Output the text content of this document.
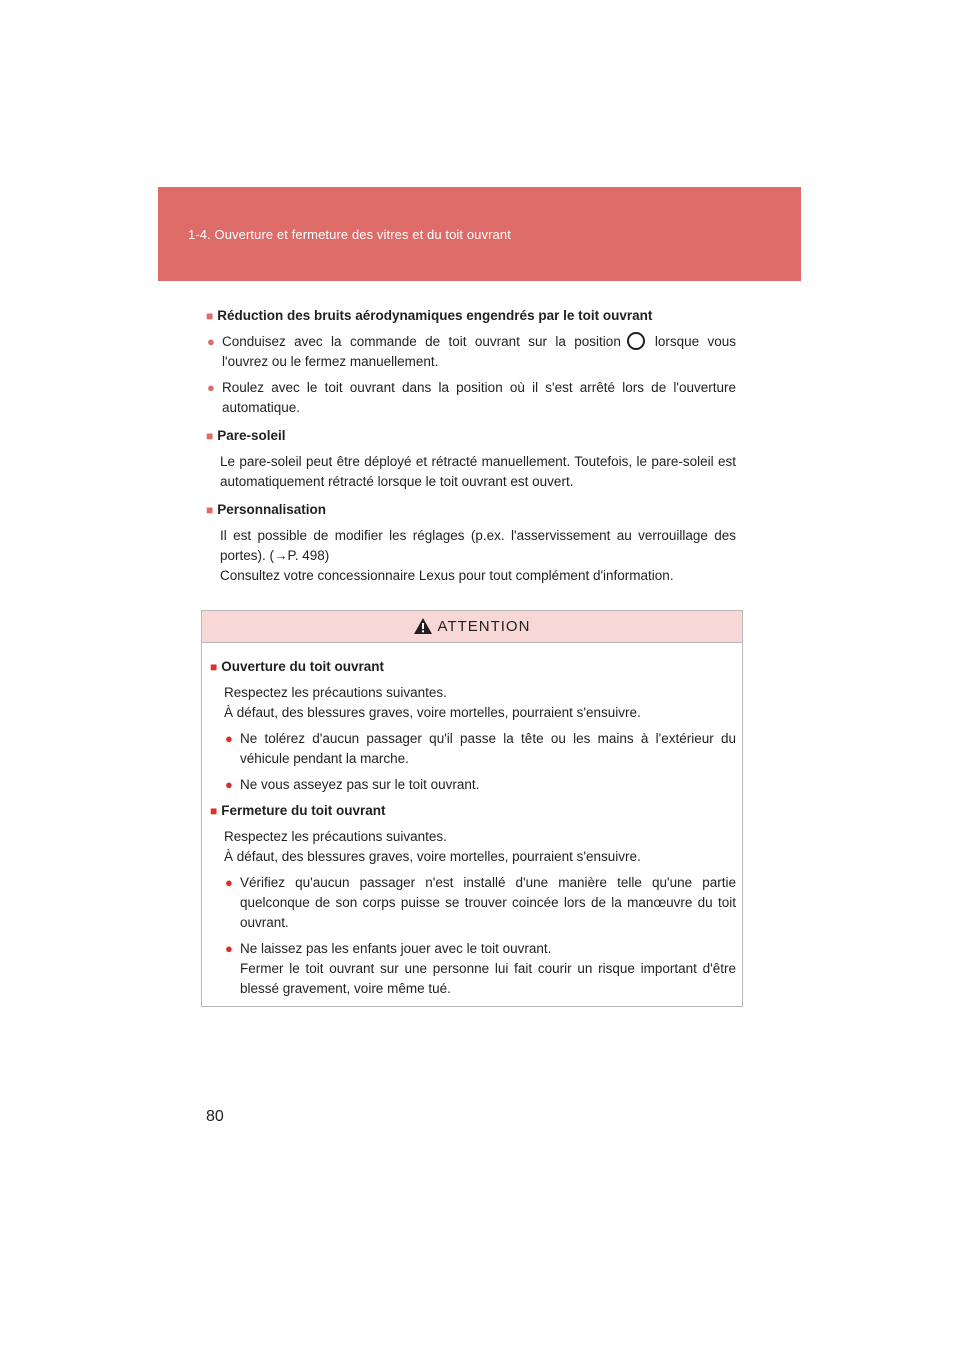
1-4. Ouverture et fermeture des vitres et du toit ouvrant

■ Réduction des bruits aérodynamiques engendrés par le toit ouvrant

● Conduisez avec la commande de toit ouvrant sur la position	lorsque vous l'ouvrez ou le fermez manuellement.
● Roulez avec le toit ouvrant dans la position où il s'est arrêté lors de l'ouverture automatique.

■ Pare-soleil

Le pare-soleil peut être déployé et rétracté manuellement. Toutefois, le pare-soleil est automatiquement rétracté lorsque le toit ouvrant est ouvert.

■ Personnalisation

Il est possible de modifier les réglages (p.ex. l'asservissement au verrouillage des portes). (→P. 498)
Consultez votre concessionnaire Lexus pour tout complément d'information.

ATTENTION

■ Ouverture du toit ouvrant

Respectez les précautions suivantes.
À défaut, des blessures graves, voire mortelles, pourraient s'ensuivre.

● Ne tolérez d'aucun passager qu'il passe la tête ou les mains à l'extérieur du véhicule pendant la marche.
● Ne vous asseyez pas sur le toit ouvrant.

■ Fermeture du toit ouvrant

Respectez les précautions suivantes.
À défaut, des blessures graves, voire mortelles, pourraient s'ensuivre.

● Vérifiez qu'aucun passager n'est installé d'une manière telle qu'une partie quelconque de son corps puisse se trouver coincée lors de la manœuvre du toit ouvrant.
● Ne laissez pas les enfants jouer avec le toit ouvrant.
Fermer le toit ouvrant sur une personne lui fait courir un risque important d'être blessé gravement, voire même tué.
80
